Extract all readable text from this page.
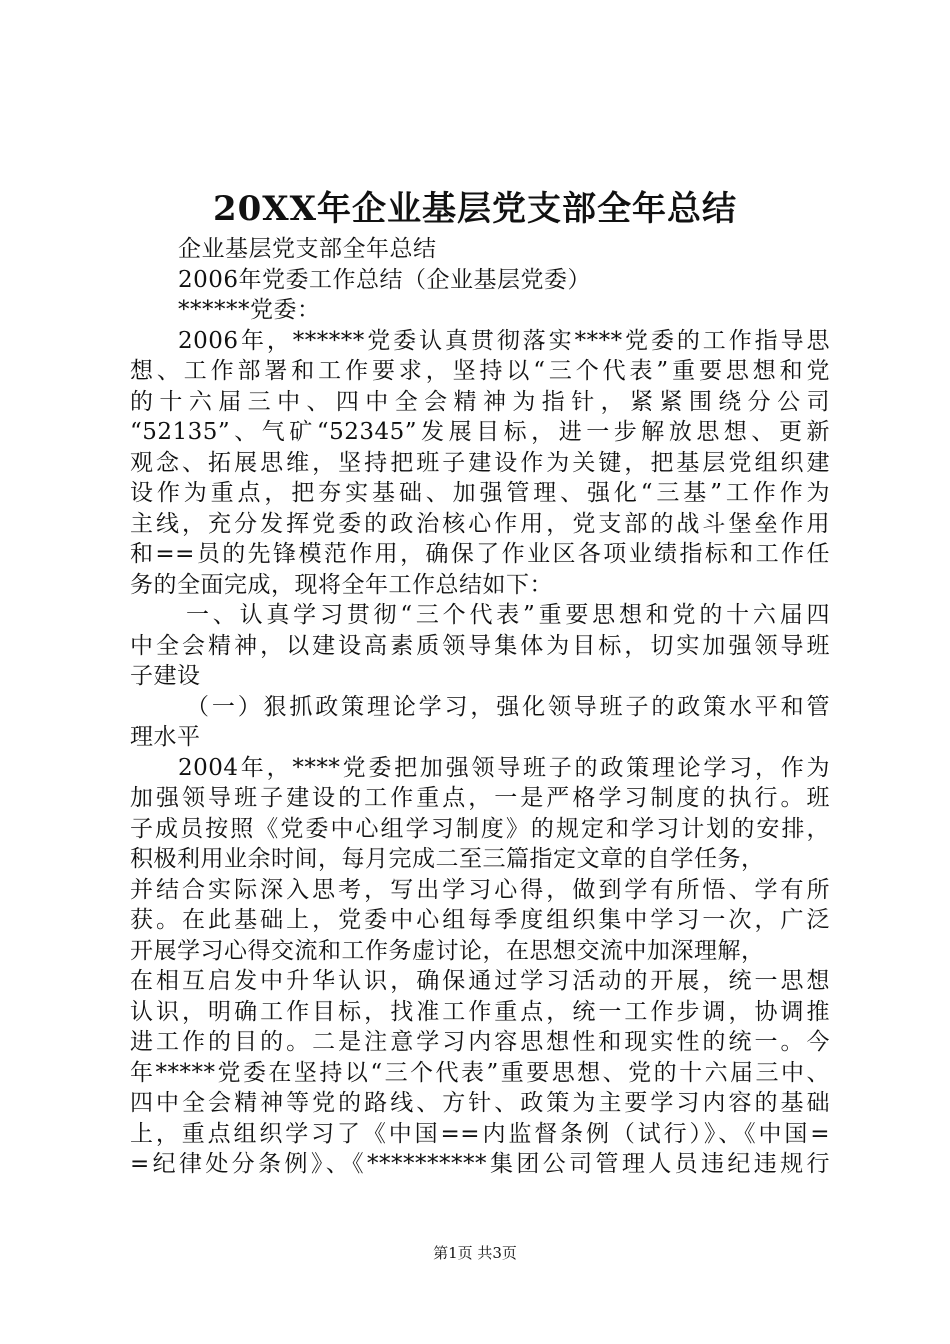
20XX年企业基层党支部全年总结
企业基层党支部全年总结
2006年党委工作总结（企业基层党委）
******党委：
2006年，******党委认真贯彻落实****党委的工作指导思
想、工作部署和工作要求，坚持以“三个代表”重要思想和党
的十六届三中、四中全会精神为指针，紧紧围绕分公司
“52135”、气矿“52345”发展目标，进一步解放思想、更新
观念、拓展思维，坚持把班子建设作为关键，把基层党组织建
设作为重点，把夯实基础、加强管理、强化“三基”工作作为
主线，充分发挥党委的政治核心作用，党支部的战斗堡垒作用
和==员的先锋模范作用，确保了作业区各项业绩指标和工作任
务的全面完成，现将全年工作总结如下：
一、认真学习贯彻“三个代表”重要思想和党的十六届四
中全会精神，以建设高素质领导集体为目标，切实加强领导班
子建设
（一）狠抓政策理论学习，强化领导班子的政策水平和管
理水平
2004年，****党委把加强领导班子的政策理论学习，作为
加强领导班子建设的工作重点，一是严格学习制度的执行。班
子成员按照《党委中心组学习制度》的规定和学习计划的安排，
积极利用业余时间，每月完成二至三篇指定文章的自学任务，
并结合实际深入思考，写出学习心得，做到学有所悟、学有所
获。在此基础上，党委中心组每季度组织集中学习一次，广泛
开展学习心得交流和工作务虚讨论，在思想交流中加深理解，
在相互启发中升华认识，确保通过学习活动的开展，统一思想
认识，明确工作目标，找准工作重点，统一工作步调，协调推
进工作的目的。二是注意学习内容思想性和现实性的统一。今
年*****党委在坚持以“三个代表”重要思想、党的十六届三中、
四中全会精神等党的路线、方针、政策为主要学习内容的基础
上，重点组织学习了《中国==内监督条例（试行）》、《中国=
=纪律处分条例》、《**********集团公司管理人员违纪违规行
第1页 共3页
